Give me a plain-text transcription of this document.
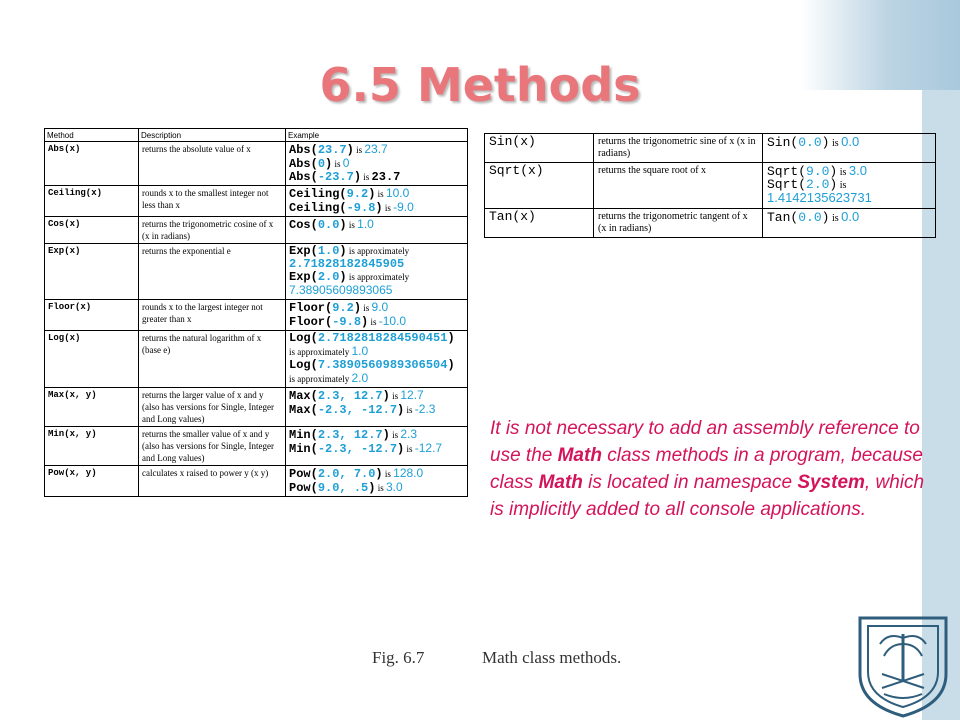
6.5 Methods
Method	Description	Example
Abs(x)	returns the absolute value of x	Abs(23.7) is 23.7
Abs(0) is 0
Abs(-23.7) is 23.7

Ceiling(x)	rounds x to the smallest integer not less than x	Ceiling(9.2) is 10.0
Ceiling(-9.8) is -9.0

Cos(x)	returns the trigonometric cosine of x (x in radians)	Cos(0.0) is 1.0

Exp(x)	returns the exponential e	Exp(1.0) is approximately
2.71828182845905
Exp(2.0) is approximately
7.38905609893065

Floor(x)	rounds x to the largest integer not greater than x	Floor(9.2) is 9.0
Floor(-9.8) is -10.0

Log(x)	returns the natural logarithm of x (base e)	Log(2.7182818284590451)
is approximately 1.0
Log(7.3890560989306504)
is approximately 2.0

Max(x, y)	returns the larger value of x and y (also has versions for Single, Integer and Long values)	Max(2.3, 12.7) is 12.7
Max(-2.3, -12.7) is -2.3

Min(x, y)	returns the smaller value of x and y (also has versions for Single, Integer and Long values)	Min(2.3, 12.7) is 2.3
Min(-2.3, -12.7) is -12.7

Pow(x, y)	calculates x raised to power y (x y)	Pow(2.0, 7.0) is 128.0
Pow(9.0, .5) is 3.0
Sin(x)	returns the trigonometric sine of x (x in radians)	Sin(0.0) is 0.0

Sqrt(x)	returns the square root of x	Sqrt(9.0) is 3.0
Sqrt(2.0) is
1.4142135623731

Tan(x)	returns the trigonometric tangent of x (x in radians)	Tan(0.0) is 0.0

It is not necessary to add an assembly reference to use the Math class methods in a program, because class Math is located in namespace System, which is implicitly added to all console applications.

Fig. 6.7	Math class methods.
